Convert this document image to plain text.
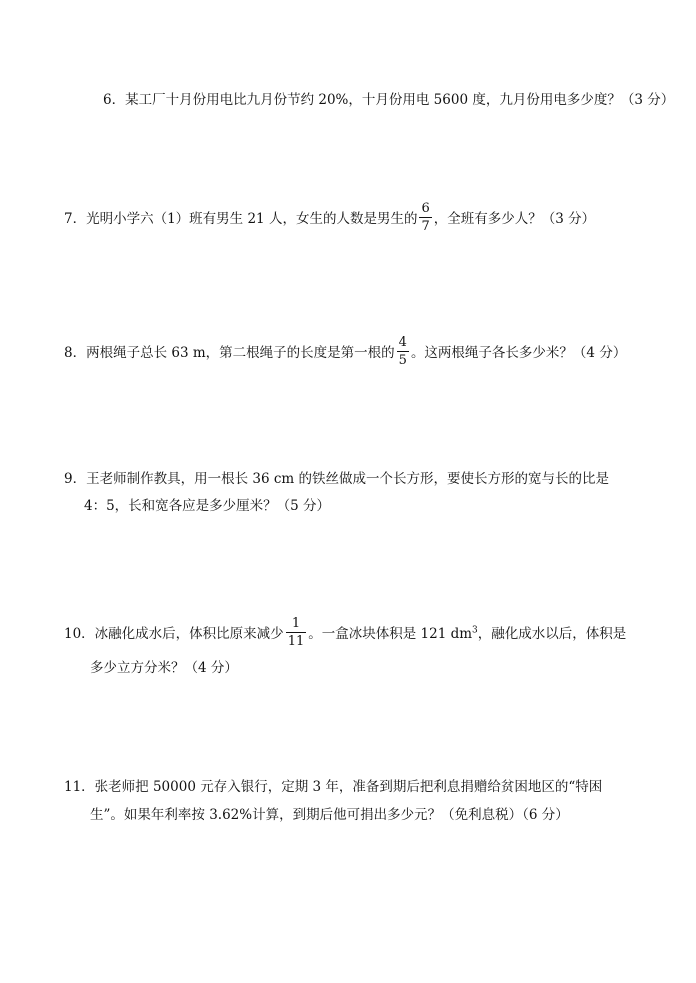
6．某工厂十月份用电比九月份节约 20%，十月份用电 5600 度，九月份用电多少度？（3 分）
7．光明小学六（1）班有男生 21 人，女生的人数是男生的 $\frac{6}{7}$ ，全班有多少人？（3 分）
8．两根绳子总长 63 m，第二根绳子的长度是第一根的 $\frac{4}{5}$ 。这两根绳子各长多少米？（4 分）
9．王老师制作教具，用一根长 36 cm 的铁丝做成一个长方形，要使长方形的宽与长的比是
4：5，长和宽各应是多少厘米？（5 分）
10．冰融化成水后，体积比原来减少 $\frac{1}{11}$ 。一盒冰块体积是 121 $dm^3$，融化成水以后，体积是
多少立方分米？（4 分）
11．张老师把 50000 元存入银行，定期 3 年，准备到期后把利息捐赠给贫困地区的“特困
生”。如果年利率按 3.62%计算，到期后他可捐出多少元？（免利息税）（6 分）
